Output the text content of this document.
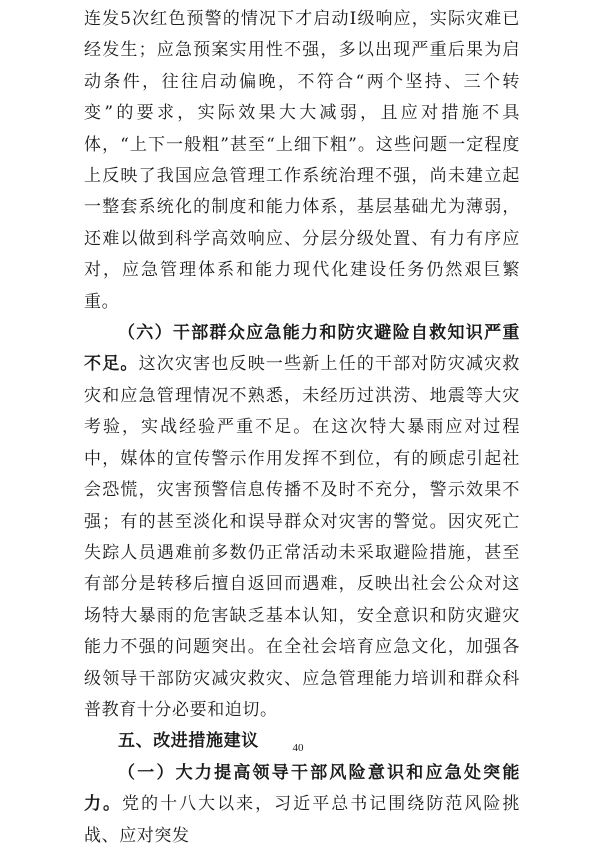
连发5次红色预警的情况下才启动Ⅰ级响应，实际灾难已经发生；应急预案实用性不强，多以出现严重后果为启动条件，往往启动偏晚，不符合“两个坚持、三个转变”的要求，实际效果大大减弱，且应对措施不具体，“上下一般粗”甚至“上细下粗”。这些问题一定程度上反映了我国应急管理工作系统治理不强，尚未建立起一整套系统化的制度和能力体系，基层基础尤为薄弱，还难以做到科学高效响应、分层分级处置、有力有序应对，应急管理体系和能力现代化建设任务仍然艰巨繁重。

（六）干部群众应急能力和防灾避险自救知识严重不足。这次灾害也反映一些新上任的干部对防灾减灾救灾和应急管理情况不熟悉，未经历过洪涝、地震等大灾考验，实战经验严重不足。在这次特大暴雨应对过程中，媒体的宣传警示作用发挥不到位，有的顾虑引起社会恐慌，灾害预警信息传播不及时不充分，警示效果不强；有的甚至淡化和误导群众对灾害的警觉。因灾死亡失踪人员遇难前多数仍正常活动未采取避险措施，甚至有部分是转移后擅自返回而遇难，反映出社会公众对这场特大暴雨的危害缺乏基本认知，安全意识和防灾避灾能力不强的问题突出。在全社会培育应急文化，加强各级领导干部防灾减灾救灾、应急管理能力培训和群众科普教育十分必要和迫切。

五、改进措施建议

（一）大力提高领导干部风险意识和应急处突能力。党的十八大以来，习近平总书记围绕防范风险挑战、应对突发

40
